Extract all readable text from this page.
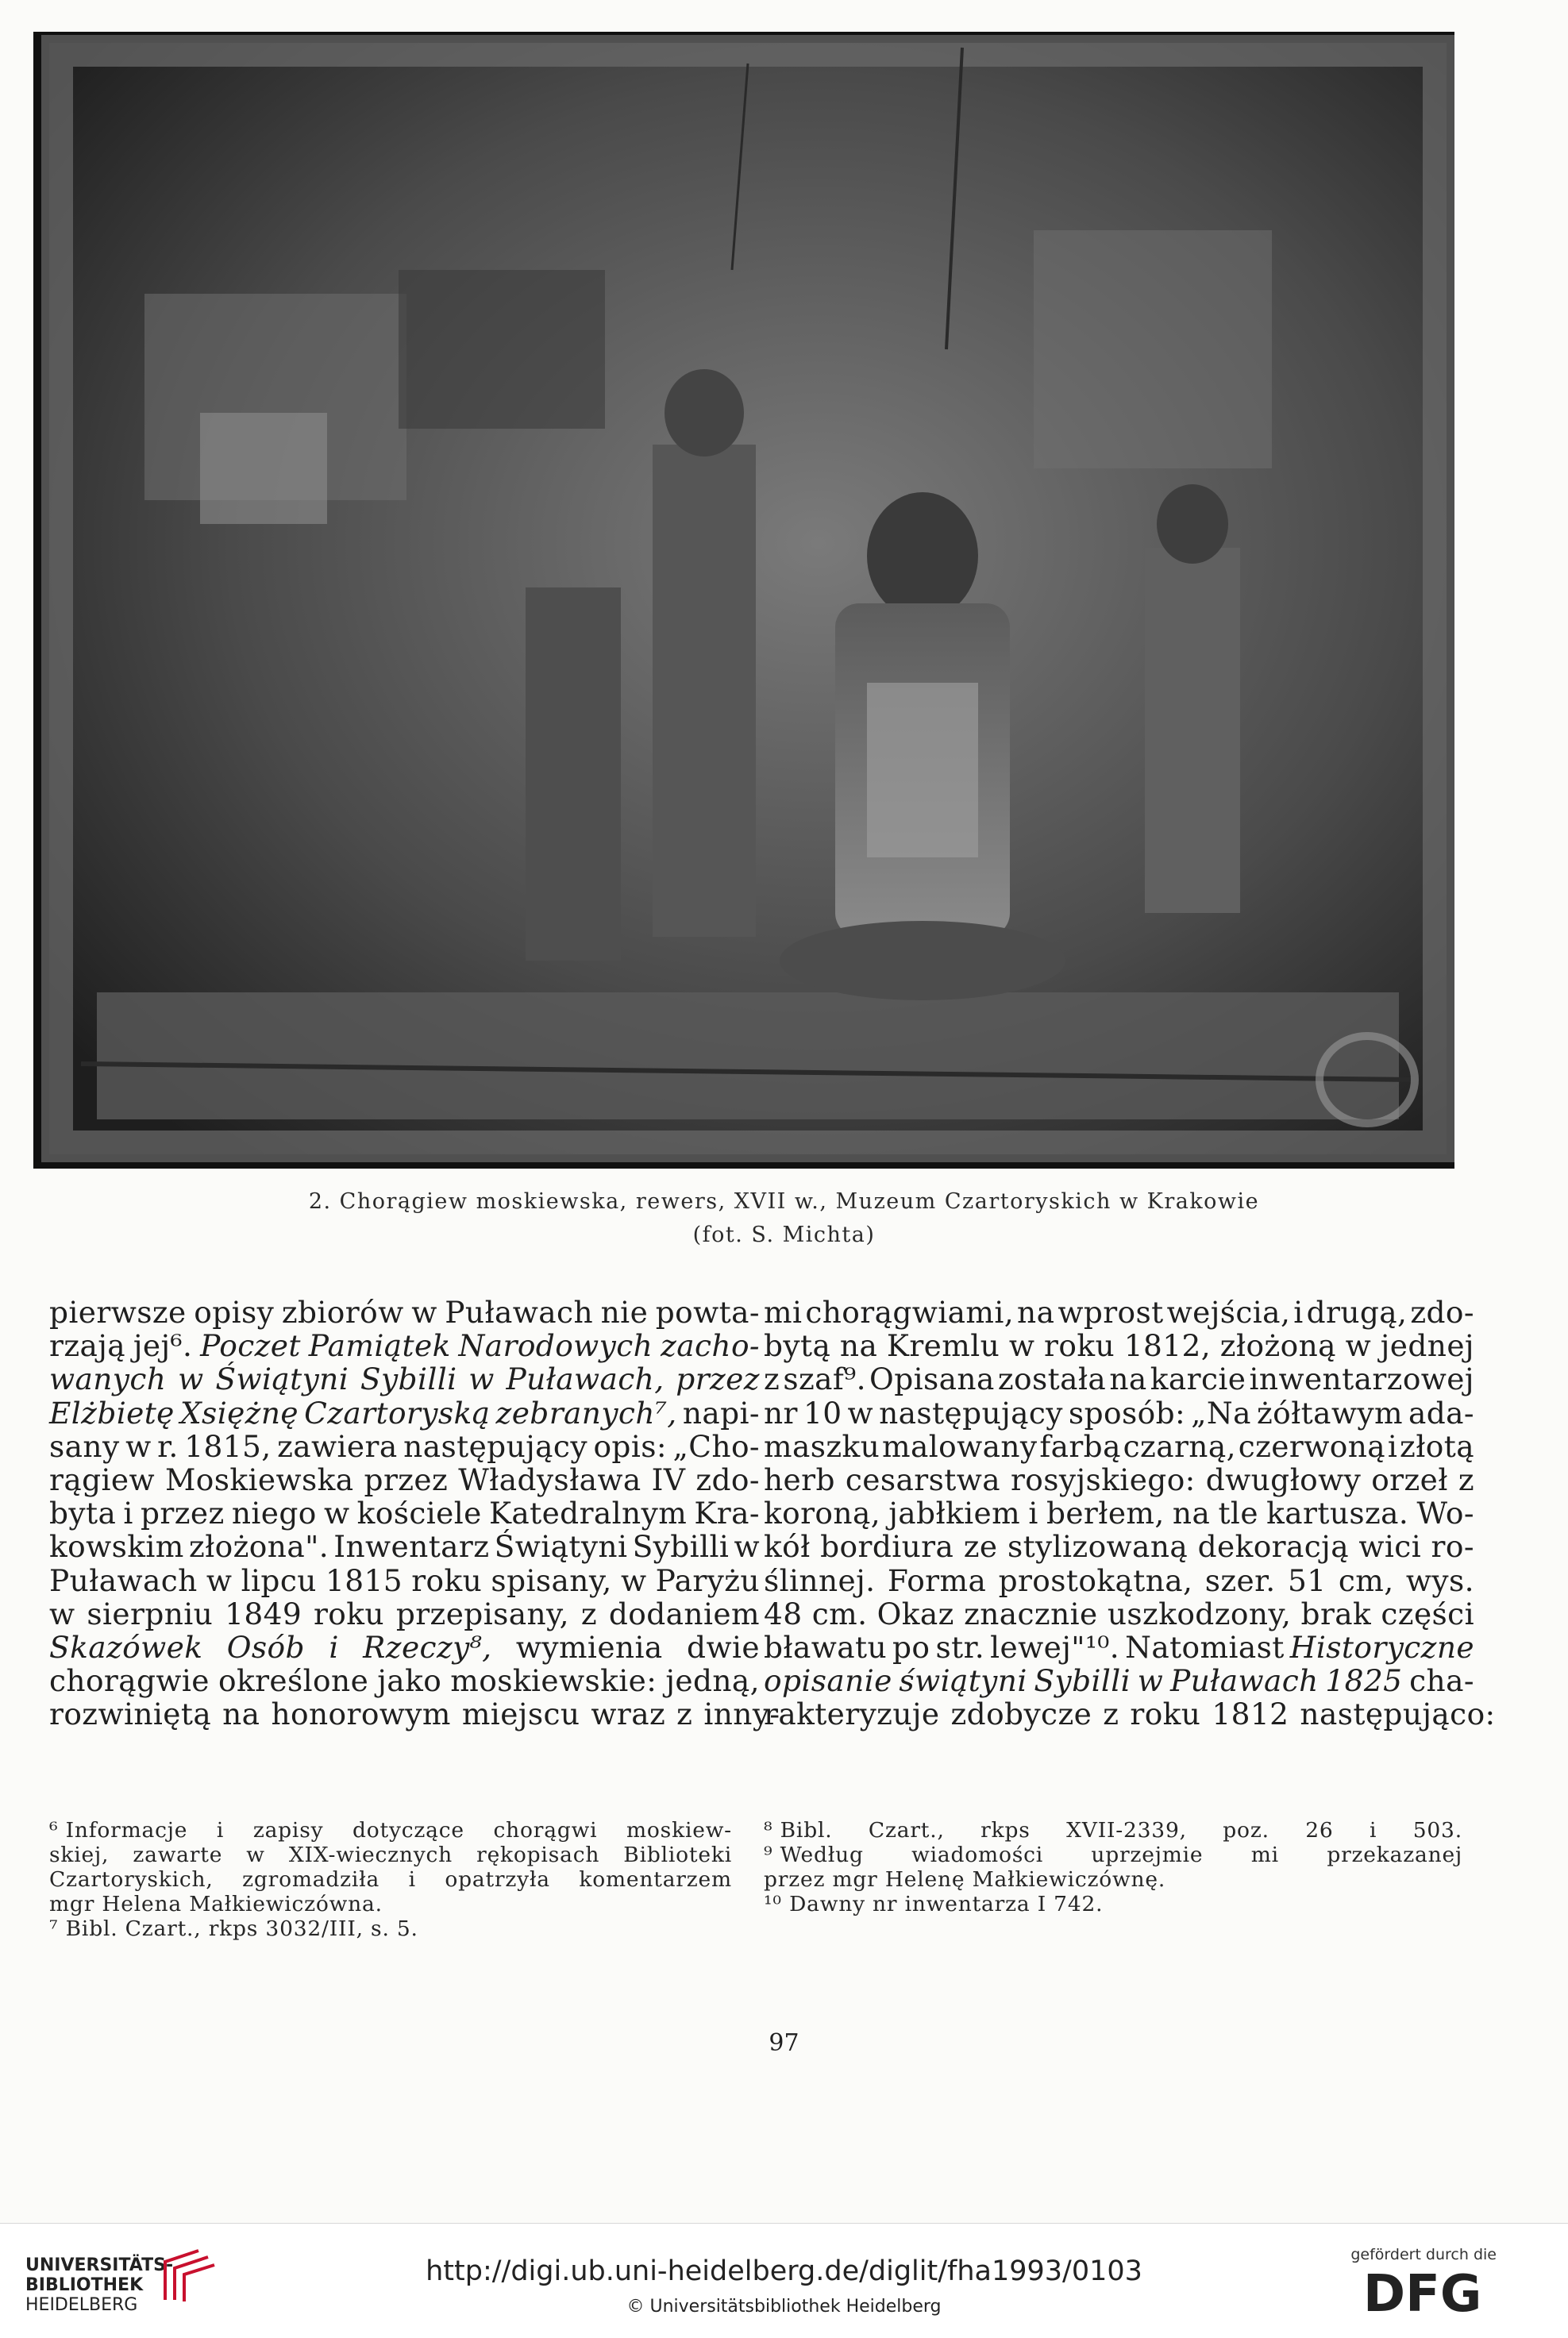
2. Chorągiew moskiewska, rewers, XVII w., Muzeum Czartoryskich w Krakowie
(fot. S. Michta)
pierwsze opisy zbiorów w Puławach nie powta-
rzają jej⁶. Poczet Pamiątek Narodowych zacho-
wanych w Świątyni Sybilli w Puławach, przez
Elżbietę Xsiężnę Czartoryską zebranych⁷, napi-
sany w r. 1815, zawiera następujący opis: „Cho-
rągiew Moskiewska przez Władysława IV zdo-
byta i przez niego w kościele Katedralnym Kra-
kowskim złożona". Inwentarz Świątyni Sybilli w
Puławach w lipcu 1815 roku spisany, w Paryżu
w sierpniu 1849 roku przepisany, z dodaniem
Skazówek Osób i Rzeczy⁸, wymienia dwie
chorągwie określone jako moskiewskie: jedną,
rozwiniętą na honorowym miejscu wraz z inny-
mi chorągwiami, na wprost wejścia, i drugą, zdo-
bytą na Kremlu w roku 1812, złożoną w jednej
z szaf⁹. Opisana została na karcie inwentarzowej
nr 10 w następujący sposób: „Na żółtawym ada-
maszku malowany farbą czarną, czerwoną i złotą
herb cesarstwa rosyjskiego: dwugłowy orzeł z
koroną, jabłkiem i berłem, na tle kartusza. Wo-
kół bordiura ze stylizowaną dekoracją wici ro-
ślinnej. Forma prostokątna, szer. 51 cm, wys.
48 cm. Okaz znacznie uszkodzony, brak części
bławatu po str. lewej"¹⁰. Natomiast Historyczne
opisanie świątyni Sybilli w Puławach 1825 cha-
rakteryzuje zdobycze z roku 1812 następująco:
⁶ Informacje i zapisy dotyczące chorągwi moskiew-
skiej, zawarte w XIX-wiecznych rękopisach Biblioteki
Czartoryskich, zgromadziła i opatrzyła komentarzem
mgr Helena Małkiewiczówna.
⁷ Bibl. Czart., rkps 3032/III, s. 5.
⁸ Bibl. Czart., rkps XVII-2339, poz. 26 i 503.
⁹ Według wiadomości uprzejmie mi przekazanej
przez mgr Helenę Małkiewiczównę.
¹⁰ Dawny nr inwentarza I 742.
97
UNIVERSITÄTS-
BIBLIOTHEK
HEIDELBERG
http://digi.ub.uni-heidelberg.de/diglit/fha1993/0103
© Universitätsbibliothek Heidelberg
gefördert durch die
DFG
